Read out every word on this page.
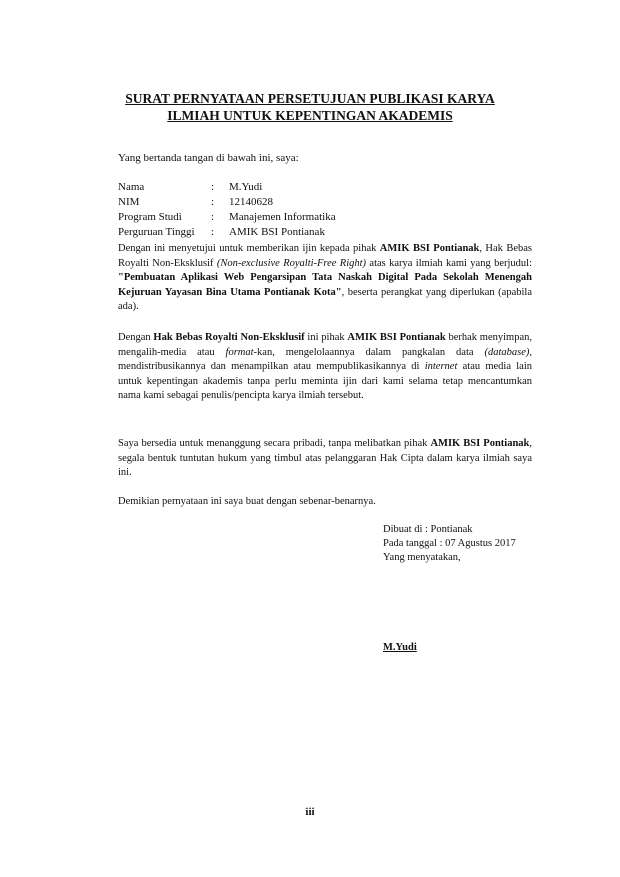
SURAT PERNYATAAN PERSETUJUAN PUBLIKASI KARYA
ILMIAH UNTUK KEPENTINGAN AKADEMIS
Yang bertanda tangan di bawah ini, saya:
Nama	:	M.Yudi
NIM	:	12140628
Program Studi	:	Manajemen Informatika
Perguruan Tinggi	:	AMIK BSI Pontianak

Dengan ini menyetujui untuk memberikan ijin kepada pihak AMIK BSI Pontianak, Hak Bebas Royalti Non-Eksklusif (Non-exclusive Royalti-Free Right) atas karya ilmiah kami yang berjudul: "Pembuatan Aplikasi Web Pengarsipan Tata Naskah Digital Pada Sekolah Menengah Kejuruan Yayasan Bina Utama Pontianak Kota", beserta perangkat yang diperlukan (apabila ada).

Dengan Hak Bebas Royalti Non-Eksklusif ini pihak AMIK BSI Pontianak berhak menyimpan, mengalih-media atau format-kan, mengelolaannya dalam pangkalan data (database), mendistribusikannya dan menampilkan atau mempublikasikannya di internet atau media lain untuk kepentingan akademis tanpa perlu meminta ijin dari kami selama tetap mencantumkan nama kami sebagai penulis/pencipta karya ilmiah tersebut.

Saya bersedia untuk menanggung secara pribadi, tanpa melibatkan pihak AMIK BSI Pontianak, segala bentuk tuntutan hukum yang timbul atas pelanggaran Hak Cipta dalam karya ilmiah saya ini.

Demikian pernyataan ini saya buat dengan sebenar-benarnya.

Dibuat di : Pontianak
Pada tanggal : 07 Agustus 2017
Yang menyatakan,
M.Yudi
iii
